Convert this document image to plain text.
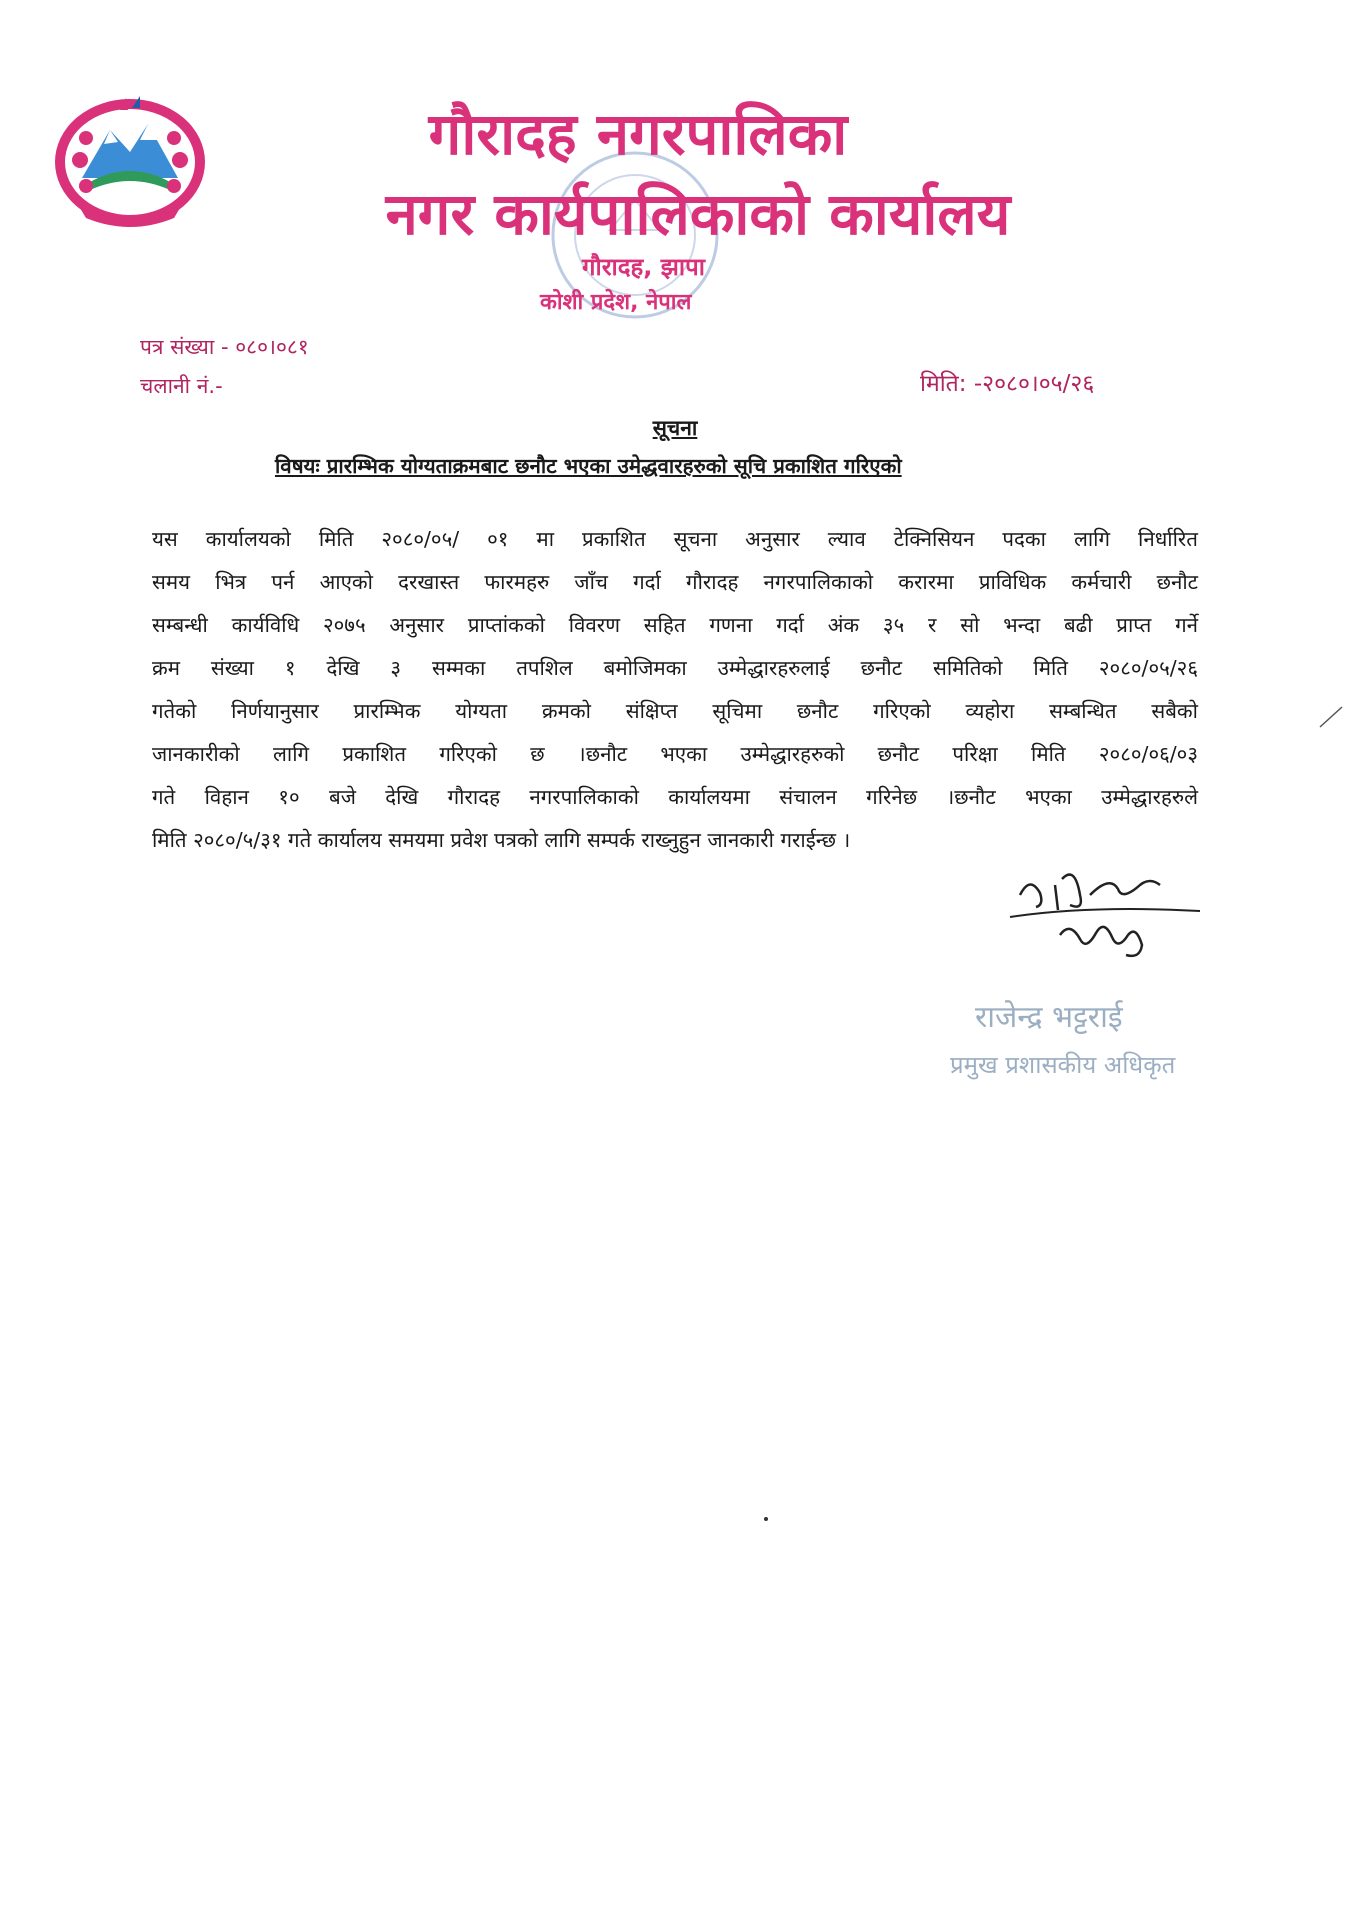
गौरादह नगरपालिका
नगर कार्यपालिकाको कार्यालय
गौरादह, झापा
कोशी प्रदेश, नेपाल
पत्र संख्या - ०८०।०८१
चलानी नं.-	मिति: -२०८०।०५/२६
सूचना
विषयः प्रारम्भिक योग्यताक्रमबाट छनौट भएका उमेद्धवारहरुको सूचि प्रकाशित गरिएको
यस कार्यालयको मिति २०८०/०५/ ०१ मा प्रकाशित सूचना अनुसार ल्याव टेक्निसियन पदका लागि निर्धारित
समय भित्र पर्न आएको दरखास्त फारमहरु जाँच गर्दा गौरादह नगरपालिकाको करारमा प्राविधिक कर्मचारी छनौट
सम्बन्धी कार्यविधि २०७५ अनुसार प्राप्तांकको विवरण सहित गणना गर्दा अंक ३५ र सो भन्दा बढी प्राप्त गर्ने
क्रम संख्या १ देखि ३ सम्मका तपशिल बमोजिमका उम्मेद्धारहरुलाई छनौट समितिको मिति २०८०/०५/२६
गतेको निर्णयानुसार प्रारम्भिक योग्यता क्रमको संक्षिप्त सूचिमा छनौट गरिएको व्यहोरा सम्बन्धित सबैको
जानकारीको लागि प्रकाशित गरिएको छ ।छनौट भएका उम्मेद्धारहरुको छनौट परिक्षा मिति २०८०/०६/०३
गते विहान १० बजे देखि गौरादह नगरपालिकाको कार्यालयमा संचालन गरिनेछ ।छनौट भएका उम्मेद्धारहरुले
मिति २०८०/५/३१ गते कार्यालय समयमा प्रवेश पत्रको लागि सम्पर्क राख्नुहुन जानकारी गराईन्छ ।
राजेन्द्र भट्टराई
प्रमुख प्रशासकीय अधिकृत
